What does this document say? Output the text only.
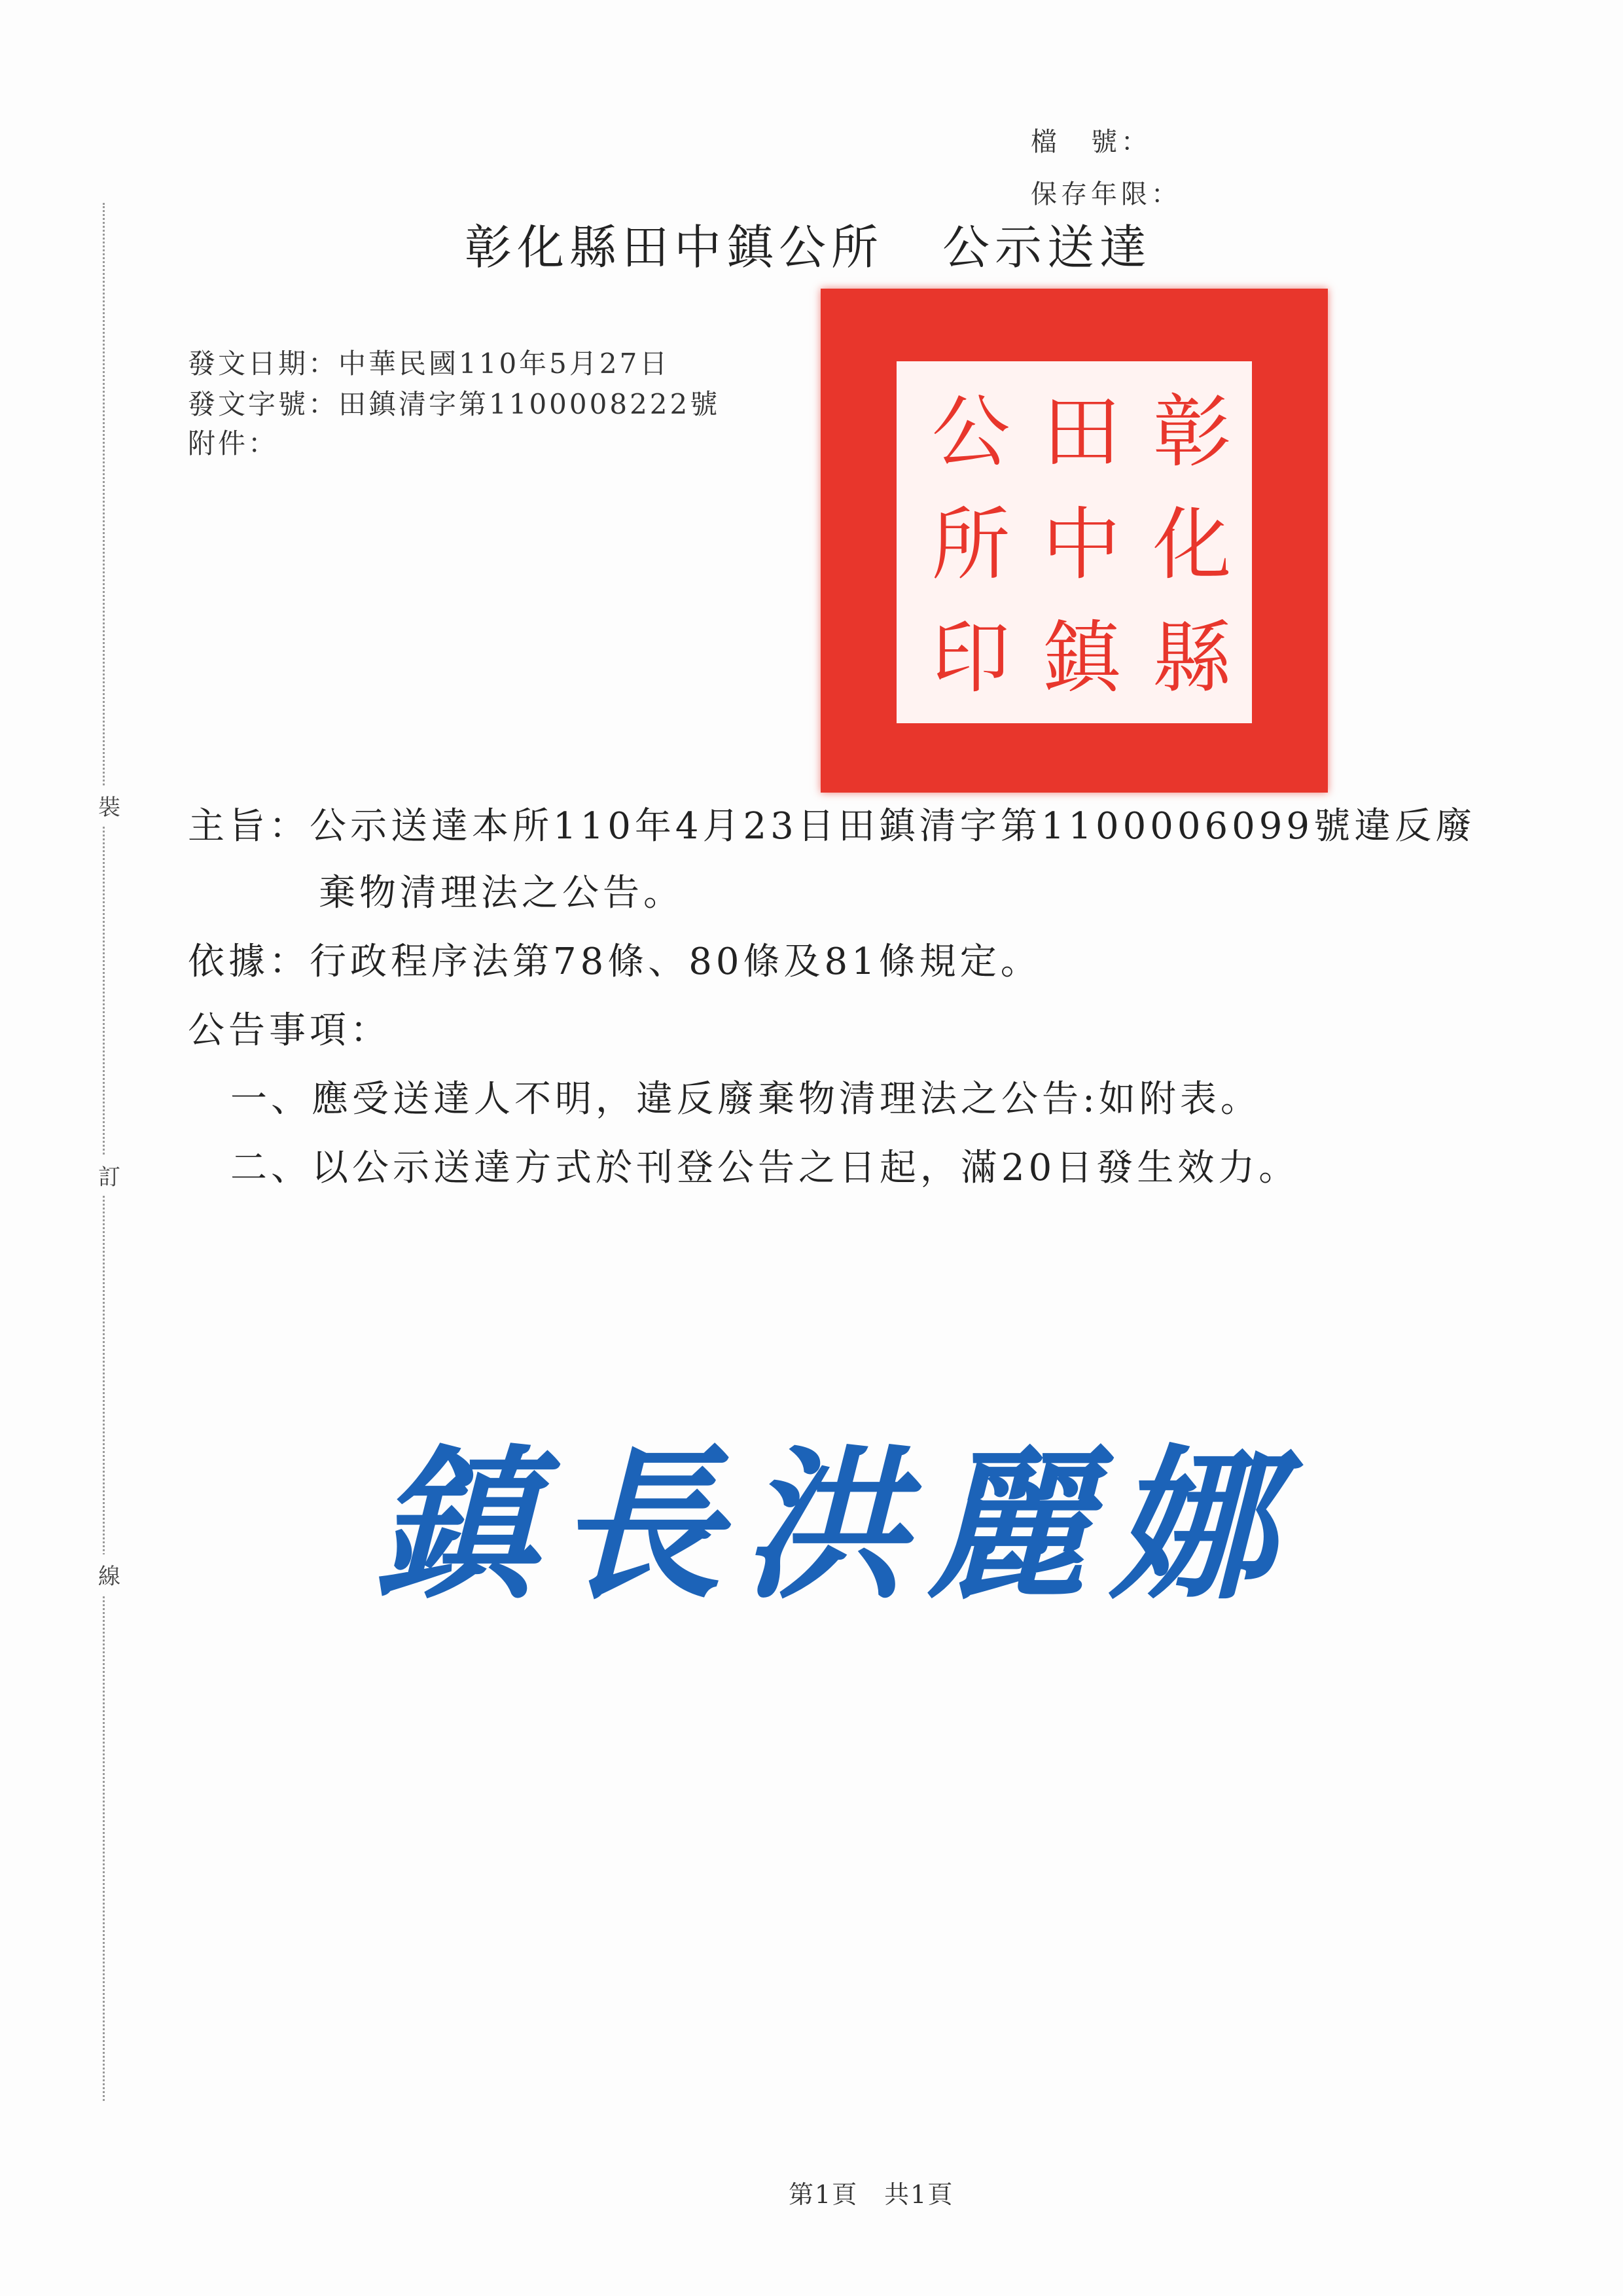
裝
訂
線
檔　號：
保存年限：
彰化縣田中鎮公所 公示送達
發文日期：中華民國110年5月27日
發文字號：田鎮清字第1100008222號
附件：	彰
化
縣
田
中
鎮
公
所
印
主旨：公示送達本所110年4月23日田鎮清字第1100006099號違反廢
棄物清理法之公告。
依據：行政程序法第78條、80條及81條規定。
公告事項：
一、應受送達人不明，違反廢棄物清理法之公告:如附表。
二、以公示送達方式於刊登公告之日起，滿20日發生效力。
鎮長洪麗娜
第1頁　共1頁
